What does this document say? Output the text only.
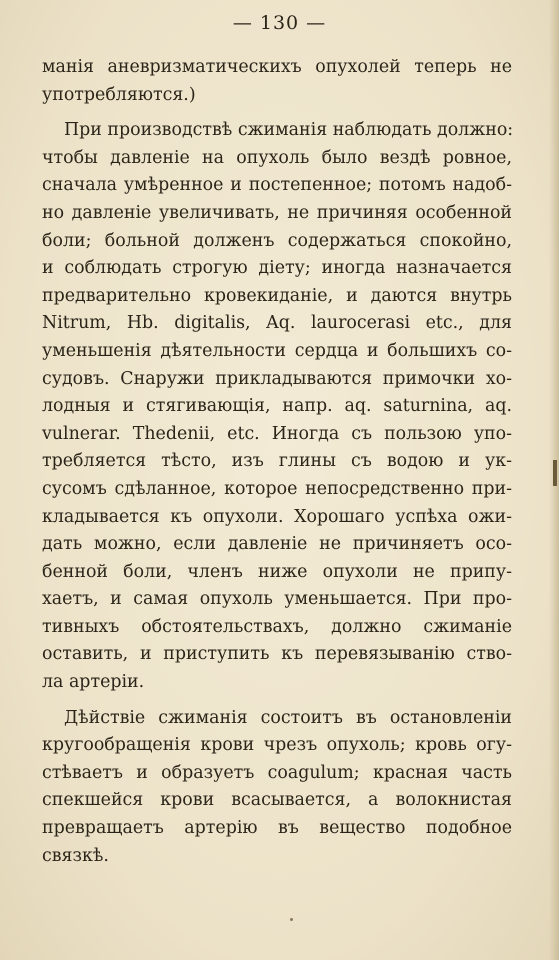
— 130 —
манія аневризматическихъ опухолей теперь не
употребляются.)
При производствѣ сжиманія наблюдать должно:
чтобы давленіе на опухоль было вездѣ ровное,
сначала умѣренное и постепенное; потомъ надоб-
но давленіе увеличивать, не причиняя особенной
боли; больной долженъ содержаться спокойно,
и соблюдать строгую діету; иногда назначается
предварительно кровекиданіе, и даются внутрь
Nitrum, Hb. digitalis, Aq. laurocerasi etc., для
уменьшенія дѣятельности сердца и большихъ со-
судовъ. Снаружи прикладываются примочки хо-
лодныя и стягивающія, напр. aq. saturnina, aq.
vulnerar. Thedenii, etc. Иногда съ пользою упо-
требляется тѣсто, изъ глины съ водою и ук-
сусомъ сдѣланное, которое непосредственно при-
кладывается къ опухоли. Хорошаго успѣха ожи-
дать можно, если давленіе не причиняетъ осо-
бенной боли, членъ ниже опухоли не припу-
хаетъ, и самая опухоль уменьшается. При про-
тивныхъ обстоятельствахъ, должно сжиманіе
оставить, и приступить къ перевязыванію ство-
ла артеріи.
Дѣйствіе сжиманія состоитъ въ остановленіи
кругообращенія крови чрезъ опухоль; кровь огу-
стѣваетъ и образуетъ coagulum; красная часть
спекшейся крови всасывается, а волокнистая
превращаетъ артерію въ вещество подобное
связкѣ.
